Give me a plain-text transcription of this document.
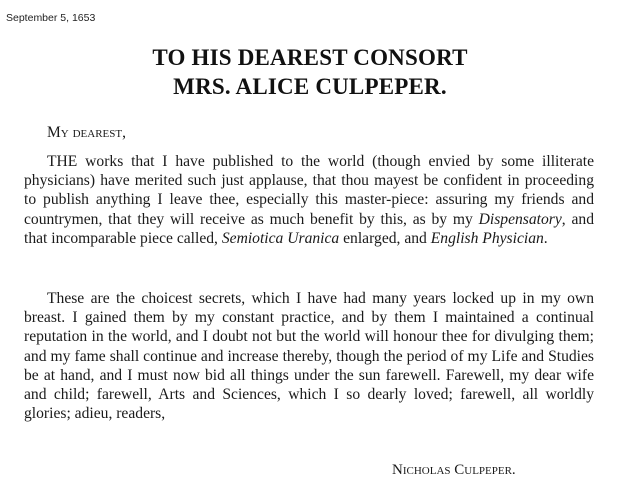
September 5, 1653
TO HIS DEAREST CONSORT
MRS. ALICE CULPEPER.
My dearest,

THE works that I have published to the world (though envied by some illiterate physicians) have merited such just applause, that thou mayest be confident in proceeding to publish anything I leave thee, especially this master-piece: assuring my friends and countrymen, that they will receive as much benefit by this, as by my Dispensatory, and that incomparable piece called, Semiotica Uranica enlarged, and English Physician.

These are the choicest secrets, which I have had many years locked up in my own breast. I gained them by my constant practice, and by them I maintained a continual reputation in the world, and I doubt not but the world will honour thee for divulging them; and my fame shall continue and increase thereby, though the period of my Life and Studies be at hand, and I must now bid all things under the sun farewell. Farewell, my dear wife and child; farewell, Arts and Sciences, which I so dearly loved; farewell, all worldly glories; adieu, readers,

Nicholas Culpeper.
